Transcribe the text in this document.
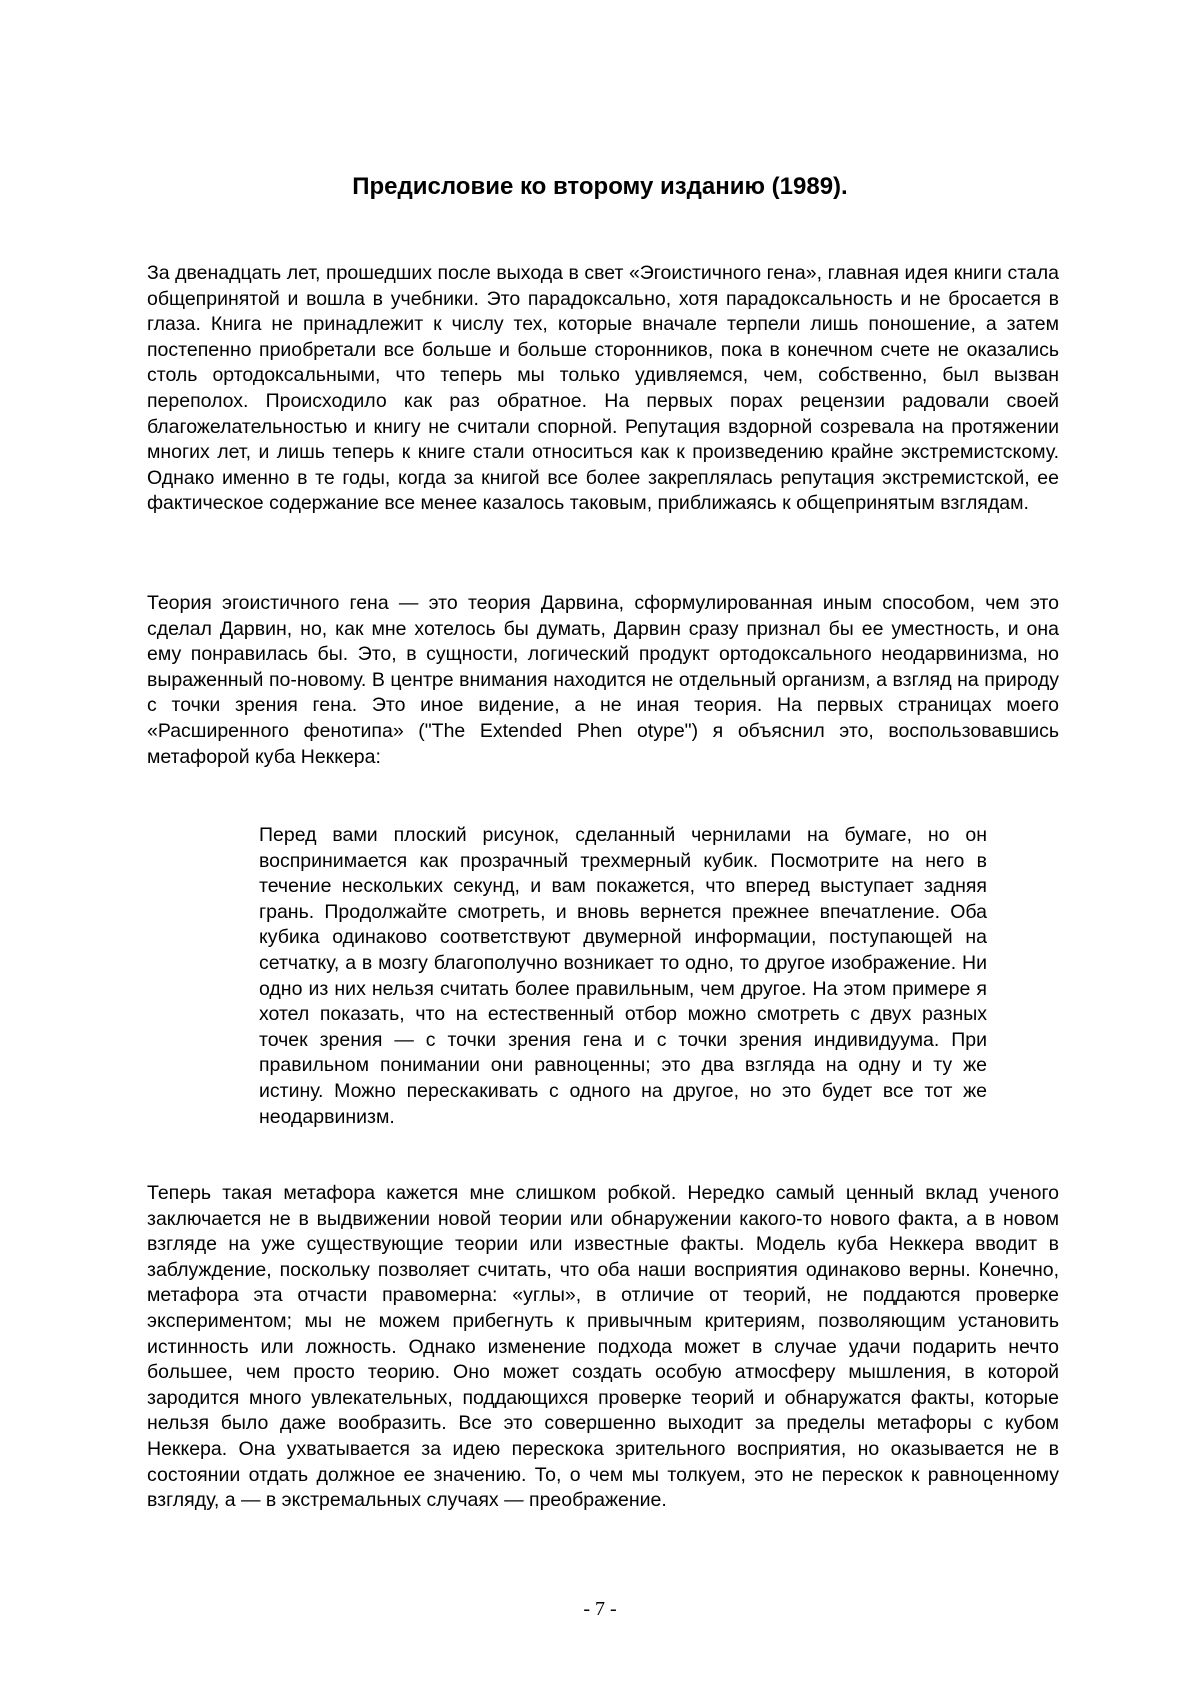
Предисловие ко второму изданию (1989).

За двенадцать лет, прошедших после выхода в свет «Эгоистичного гена», главная идея книги стала общепринятой и вошла в учебники. Это парадоксально, хотя парадоксальность и не бросается в глаза. Книга не принадлежит к числу тех, которые вначале терпели лишь поношение, а затем постепенно приобретали все больше и больше сторонников, пока в конечном счете не оказались столь ортодоксальными, что теперь мы только удивляемся, чем, собственно, был вызван переполох. Происходило как раз обратное. На первых порах рецензии радовали своей благожелательностью и книгу не считали спорной. Репутация вздорной созревала на протяжении многих лет, и лишь теперь к книге стали относиться как к произведению крайне экстремистскому. Однако именно в те годы, когда за книгой все более закреплялась репутация экстремистской, ее фактическое содержание все менее казалось таковым, приближаясь к общепринятым взглядам.

Теория эгоистичного гена — это теория Дарвина, сформулированная иным способом, чем это сделал Дарвин, но, как мне хотелось бы думать, Дарвин сразу признал бы ее уместность, и она ему понравилась бы. Это, в сущности, логический продукт ортодоксального неодарвинизма, но выраженный по-новому. В центре внимания находится не отдельный организм, а взгляд на природу с точки зрения гена. Это иное видение, а не иная теория. На первых страницах моего «Расширенного фенотипа» ("The Extended Phen otype") я объяснил это, воспользовавшись метафорой куба Неккера:

Перед вами плоский рисунок, сделанный чернилами на бумаге, но он воспринимается как прозрачный трехмерный кубик. Посмотрите на него в течение нескольких секунд, и вам покажется, что вперед выступает задняя грань. Продолжайте смотреть, и вновь вернется прежнее впечатление. Оба кубика одинаково соответствуют двумерной информации, поступающей на сетчатку, а в мозгу благополучно возникает то одно, то другое изображение. Ни одно из них нельзя считать более правильным, чем другое. На этом примере я хотел показать, что на естественный отбор можно смотреть с двух разных точек зрения — с точки зрения гена и с точки зрения индивидуума. При правильном понимании они равноценны; это два взгляда на одну и ту же истину. Можно перескакивать с одного на другое, но это будет все тот же неодарвинизм.

Теперь такая метафора кажется мне слишком робкой. Нередко самый ценный вклад ученого заключается не в выдвижении новой теории или обнаружении какого-то нового факта, а в новом взгляде на уже существующие теории или известные факты. Модель куба Неккера вводит в заблуждение, поскольку позволяет считать, что оба наши восприятия одинаково верны. Конечно, метафора эта отчасти правомерна: «углы», в отличие от теорий, не поддаются проверке экспериментом; мы не можем прибегнуть к привычным критериям, позволяющим установить истинность или ложность. Однако изменение подхода может в случае удачи подарить нечто большее, чем просто теорию. Оно может создать особую атмосферу мышления, в которой зародится много увлекательных, поддающихся проверке теорий и обнаружатся факты, которые нельзя было даже вообразить. Все это совершенно выходит за пределы метафоры с кубом Неккера. Она ухватывается за идею перескока зрительного восприятия, но оказывается не в состоянии отдать должное ее значению. То, о чем мы толкуем, это не перескок к равноценному взгляду, а — в экстремальных случаях — преображение.

- 7 -
